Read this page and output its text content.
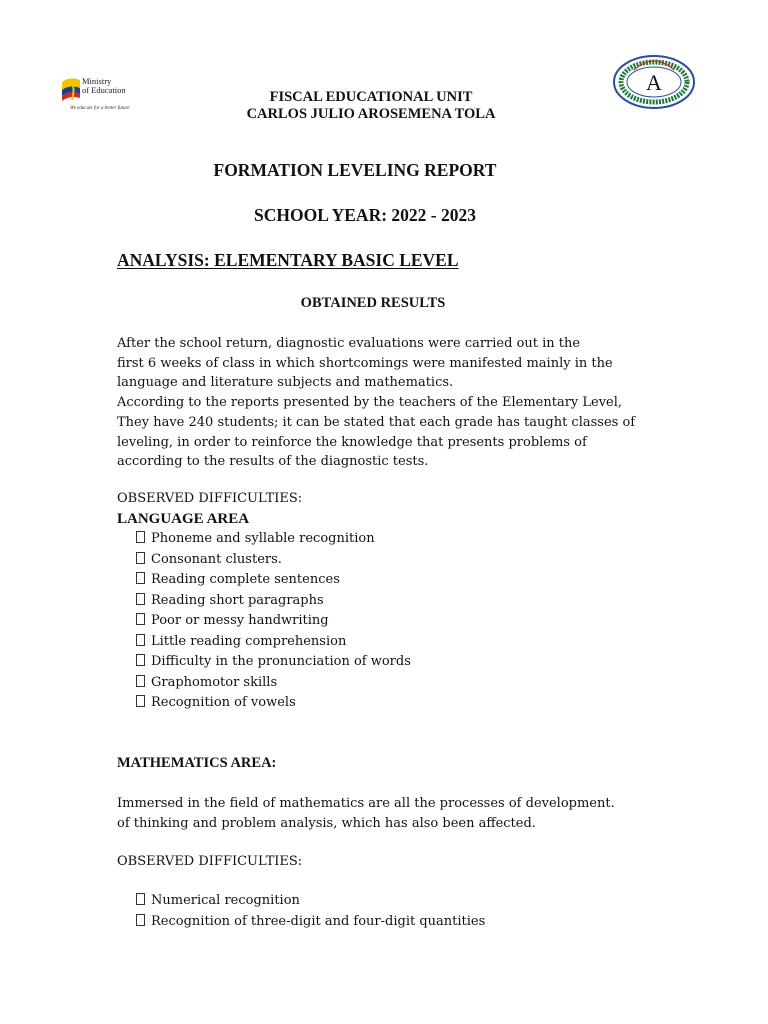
Ministry
of Education
We educate for a better future
A
FISCAL EDUCATIONAL UNIT
CARLOS JULIO AROSEMENA TOLA
FORMATION LEVELING REPORT
SCHOOL YEAR: 2022 - 2023
ANALYSIS: ELEMENTARY BASIC LEVEL
OBTAINED RESULTS
After the school return, diagnostic evaluations were carried out in the
first 6 weeks of class in which shortcomings were manifested mainly in the
language and literature subjects and mathematics.
According to the reports presented by the teachers of the Elementary Level,
They have 240 students; it can be stated that each grade has taught classes of
leveling, in order to reinforce the knowledge that presents problems of
according to the results of the diagnostic tests.
OBSERVED DIFFICULTIES:
LANGUAGE AREA
Phoneme and syllable recognition
Consonant clusters.
Reading complete sentences
Reading short paragraphs
Poor or messy handwriting
Little reading comprehension
Difficulty in the pronunciation of words
Graphomotor skills
Recognition of vowels
MATHEMATICS AREA:
Immersed in the field of mathematics are all the processes of development.
of thinking and problem analysis, which has also been affected.
OBSERVED DIFFICULTIES:
Numerical recognition
Recognition of three-digit and four-digit quantities
